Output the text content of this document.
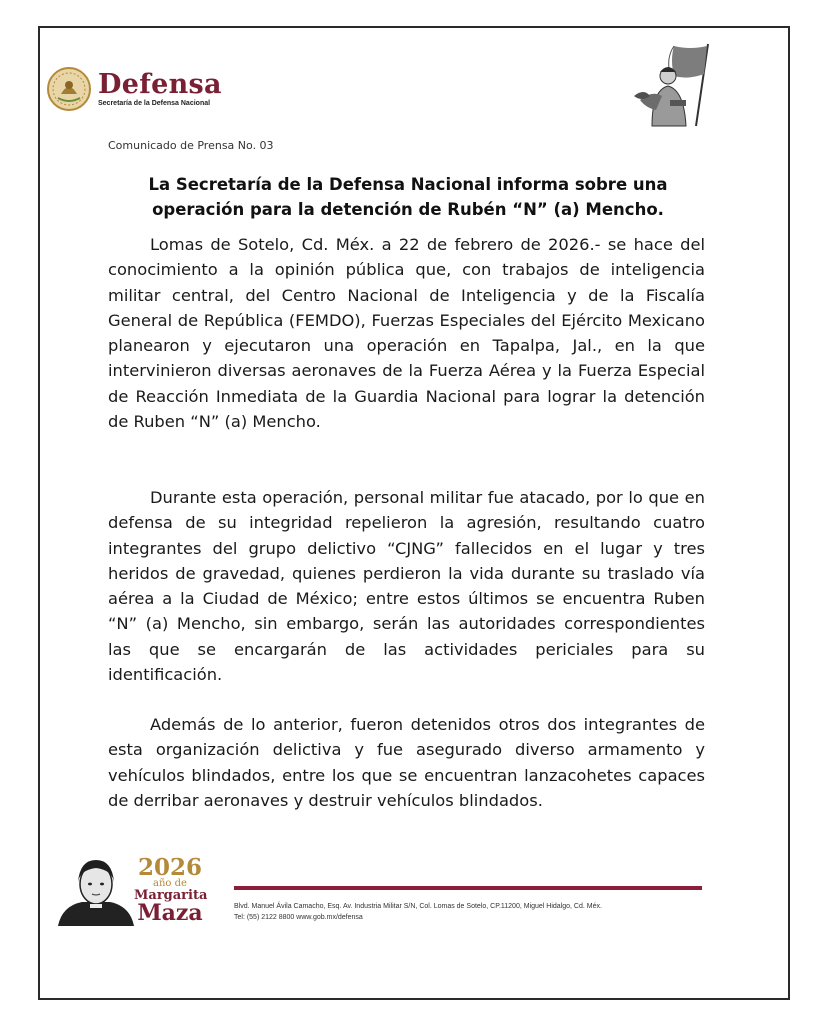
Defensa
Secretaría de la Defensa Nacional
Comunicado de Prensa No. 03
La Secretaría de la Defensa Nacional informa sobre una
operación para la detención de Rubén “N” (a) Mencho.

Lomas de Sotelo, Cd. Méx. a 22 de febrero de 2026.- se hace del conocimiento a la opinión pública que, con trabajos de inteligencia militar central, del Centro Nacional de Inteligencia y de la Fiscalía General de República (FEMDO), Fuerzas Especiales del Ejército Mexicano planearon y ejecutaron una operación en Tapalpa, Jal., en la que intervinieron diversas aeronaves de la Fuerza Aérea y la Fuerza Especial de Reacción Inmediata de la Guardia Nacional para lograr la detención de Ruben “N” (a) Mencho.

Durante esta operación, personal militar fue atacado, por lo que en defensa de su integridad repelieron la agresión, resultando cuatro integrantes del grupo delictivo “CJNG” fallecidos en el lugar y tres heridos de gravedad, quienes perdieron la vida durante su traslado vía aérea a la Ciudad de México; entre estos últimos se encuentra Ruben “N” (a) Mencho, sin embargo, serán las autoridades correspondientes las que se encargarán de las actividades periciales para su identificación.

Además de lo anterior, fueron detenidos otros dos integrantes de esta organización delictiva y fue asegurado diverso armamento y vehículos blindados, entre los que se encuentran lanzacohetes capaces de derribar aeronaves y destruir vehículos blindados.

2026
año de
Margarita
Maza	Blvd. Manuel Ávila Camacho, Esq. Av. Industria Militar S/N, Col. Lomas de Sotelo, CP.11200, Miguel Hidalgo, Cd. Méx.
Tel: (55) 2122 8800 www.gob.mx/defensa
